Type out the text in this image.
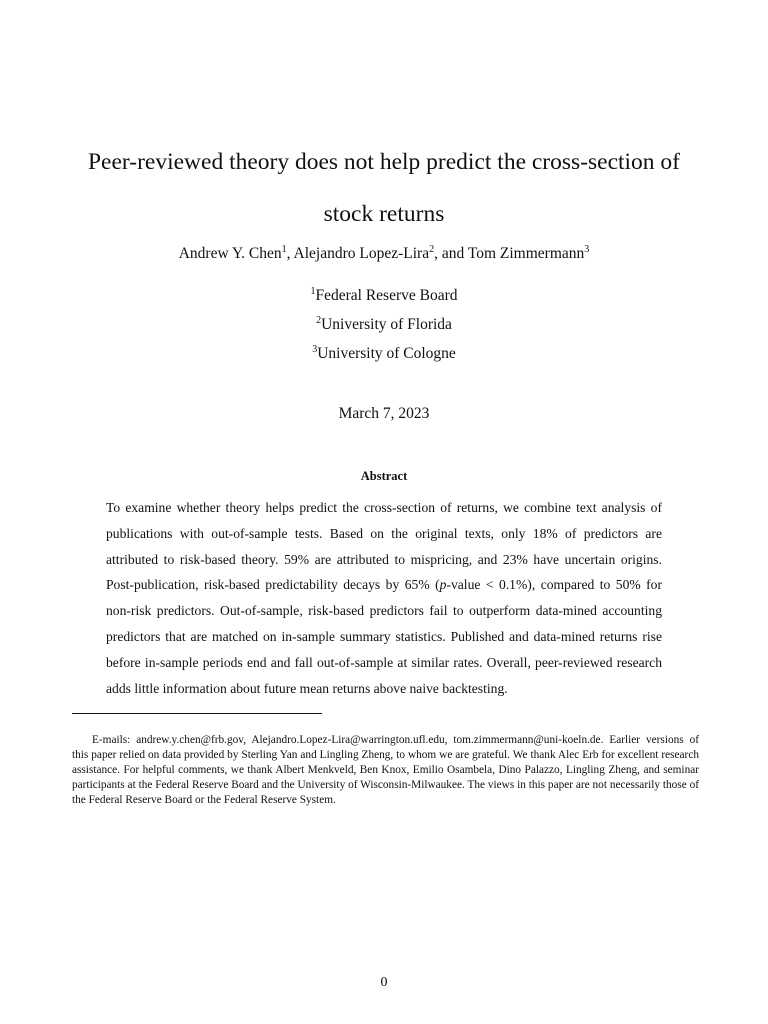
Peer-reviewed theory does not help predict the cross-section of
stock returns
Andrew Y. Chen$^1$, Alejandro Lopez-Lira$^2$, and Tom Zimmermann$^3$
$^1$Federal Reserve Board
$^2$University of Florida
$^3$University of Cologne
March 7, 2023
Abstract
To examine whether theory helps predict the cross-section of returns, we combine text analysis of publications with out-of-sample tests. Based on the original texts, only 18% of predictors are attributed to risk-based theory. 59% are attributed to mispricing, and 23% have uncertain origins. Post-publication, risk-based predictability decays by 65% (p-value < 0.1%), compared to 50% for non-risk predictors. Out-of-sample, risk-based predictors fail to outperform data-mined accounting predictors that are matched on in-sample summary statistics. Published and data-mined returns rise before in-sample periods end and fall out-of-sample at similar rates. Overall, peer-reviewed research adds little information about future mean returns above naive backtesting.
E-mails: andrew.y.chen@frb.gov, Alejandro.Lopez-Lira@warrington.ufl.edu, tom.zimmermann@uni-koeln.de. Earlier versions of this paper relied on data provided by Sterling Yan and Lingling Zheng, to whom we are grateful. We thank Alec Erb for excellent research assistance. For helpful comments, we thank Albert Menkveld, Ben Knox, Emilio Osambela, Dino Palazzo, Lingling Zheng, and seminar participants at the Federal Reserve Board and the University of Wisconsin-Milwaukee. The views in this paper are not necessarily those of the Federal Reserve Board or the Federal Reserve System.
0
